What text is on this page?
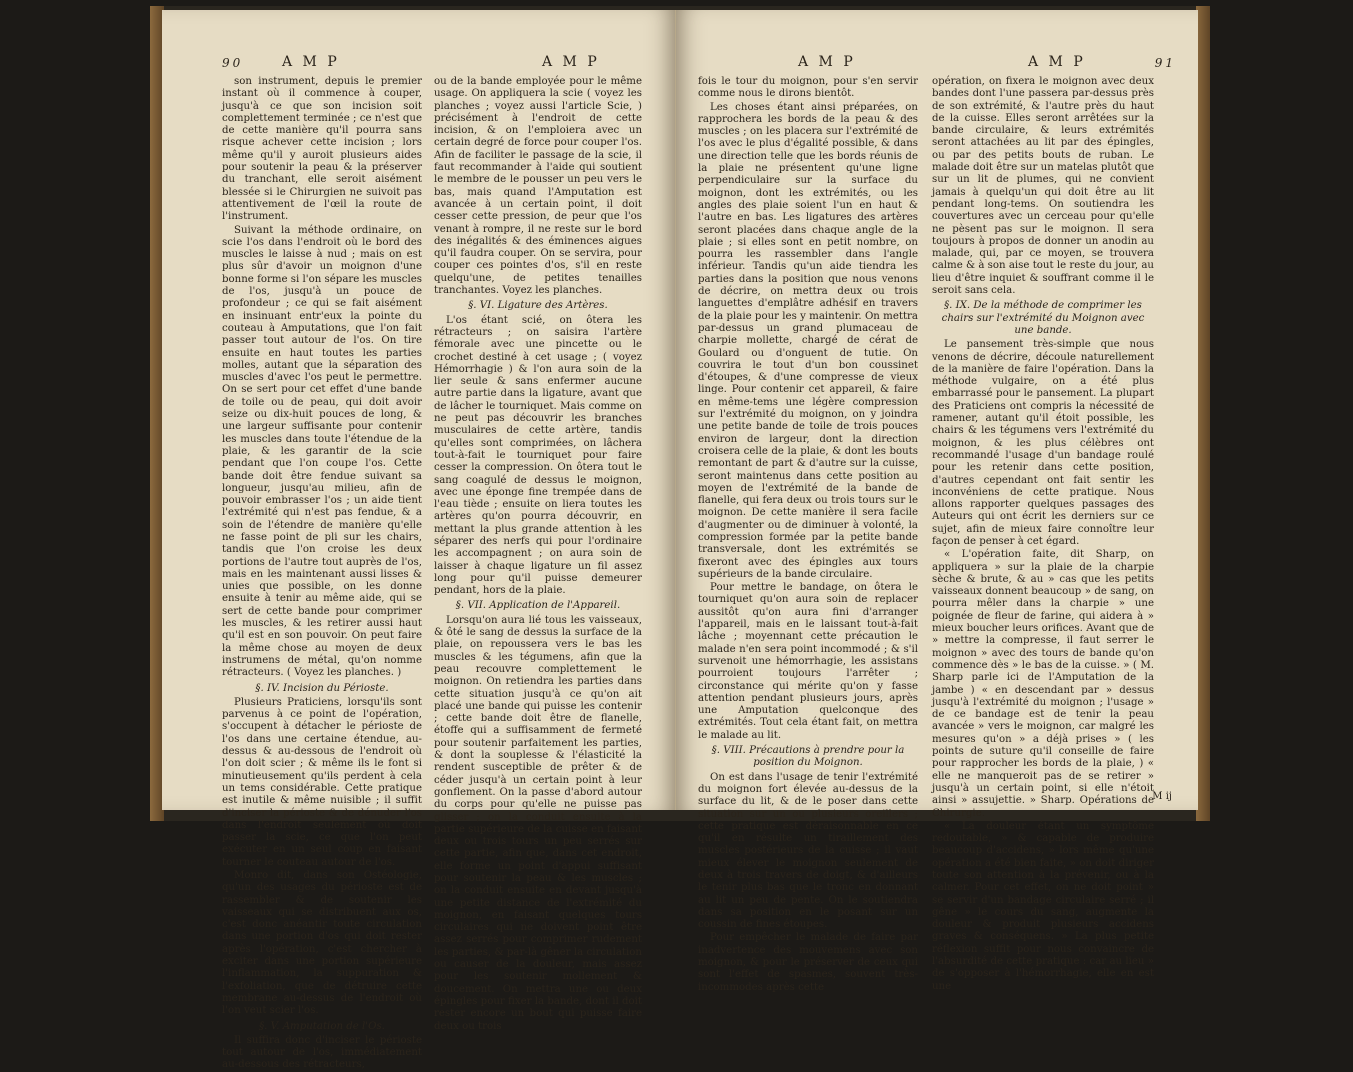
90	A M P	A M P

son instrument, depuis le premier instant où il commence à couper, jusqu'à ce que son incision soit complettement terminée ; ce n'est que de cette manière qu'il pourra sans risque achever cette incision ; lors même qu'il y auroit plusieurs aides pour soutenir la peau & la préserver du tranchant, elle seroit aisément blessée si le Chirurgien ne suivoit pas attentivement de l'œil la route de l'instrument.

Suivant la méthode ordinaire, on scie l'os dans l'endroit où le bord des muscles le laisse à nud ; mais on est plus sûr d'avoir un moignon d'une bonne forme si l'on sépare les muscles de l'os, jusqu'à un pouce de profondeur ; ce qui se fait aisément en insinuant entr'eux la pointe du couteau à Amputations, que l'on fait passer tout autour de l'os. On tire ensuite en haut toutes les parties molles, autant que la séparation des muscles d'avec l'os peut le permettre. On se sert pour cet effet d'une bande de toile ou de peau, qui doit avoir seize ou dix-huit pouces de long, & une largeur suffisante pour contenir les muscles dans toute l'étendue de la plaie, & les garantir de la scie pendant que l'on coupe l'os. Cette bande doit être fendue suivant sa longueur, jusqu'au milieu, afin de pouvoir embrasser l'os ; un aide tient l'extrémité qui n'est pas fendue, & a soin de l'étendre de manière qu'elle ne fasse point de pli sur les chairs, tandis que l'on croise les deux portions de l'autre tout auprès de l'os, mais en les maintenant aussi lisses & unies que possible, on les donne ensuite à tenir au même aide, qui se sert de cette bande pour comprimer les muscles, & les retirer aussi haut qu'il est en son pouvoir. On peut faire la même chose au moyen de deux instrumens de métal, qu'on nomme rétracteurs. ( Voyez les planches. )

§. IV. Incision du Périoste.

Plusieurs Praticiens, lorsqu'ils sont parvenus à ce point de l'opération, s'occupent à détacher le périoste de l'os dans une certaine étendue, au-dessus & au-dessous de l'endroit où l'on doit scier ; & même ils le font si minutieusement qu'ils perdent à cela un tems considérable. Cette pratique est inutile & même nuisible ; il suffit d'inciser la périoste & de dénuder l'os dans l'endroit seulement où doit passer la scie, ce que l'on peut exécuter en un seul coup en faisant tourner le couteau autour de l'os.

Monro dit, dans son Ostéologie, qu'un des usages du périoste est de rassembler & de soutenir les vaisseaux qui se distribuent aux os, c'est donc anéantir toute circulation dans une portion d'os qui doit rester après l'opération, c'est chercher à exciter dans une portion supérieure l'inflammation, la suppuration & l'exfoliation, que de détruire cette membrane au-dessus de l'endroit où l'on veut scier l'os.

§. V. Amputation de l'Os.

Il suffira donc d'inciser le périoste tout autour de l'os, immédiatement au-dessous des rétracteurs,

ou de la bande employée pour le même usage. On appliquera la scie ( voyez les planches ; voyez aussi l'article Scie, ) précisément à l'endroit de cette incision, & on l'emploiera avec un certain degré de force pour couper l'os. Afin de faciliter le passage de la scie, il faut recommander à l'aide qui soutient le membre de le pousser un peu vers le bas, mais quand l'Amputation est avancée à un certain point, il doit cesser cette pression, de peur que l'os venant à rompre, il ne reste sur le bord des inégalités & des éminences aigues qu'il faudra couper. On se servira, pour couper ces pointes d'os, s'il en reste quelqu'une, de petites tenailles tranchantes. Voyez les planches.

§. VI. Ligature des Artères.

L'os étant scié, on ôtera les rétracteurs ; on saisira l'artère fémorale avec une pincette ou le crochet destiné à cet usage ; ( voyez Hémorrhagie ) & l'on aura soin de la lier seule & sans enfermer aucune autre partie dans la ligature, avant que de lâcher le tourniquet. Mais comme on ne peut pas découvrir les branches musculaires de cette artère, tandis qu'elles sont comprimées, on lâchera tout-à-fait le tourniquet pour faire cesser la compression. On ôtera tout le sang coagulé de dessus le moignon, avec une éponge fine trempée dans de l'eau tiède ; ensuite on liera toutes les artères qu'on pourra découvrir, en mettant la plus grande attention à les séparer des nerfs qui pour l'ordinaire les accompagnent ; on aura soin de laisser à chaque ligature un fil assez long pour qu'il puisse demeurer pendant, hors de la plaie.

§. VII. Application de l'Appareil.

Lorsqu'on aura lié tous les vaisseaux, & ôté le sang de dessus la surface de la plaie, on repoussera vers le bas les muscles & les tégumens, afin que la peau recouvre complettement le moignon. On retiendra les parties dans cette situation jusqu'à ce qu'on ait placé une bande qui puisse les contenir ; cette bande doit être de flanelle, étoffe qui a suffisamment de fermeté pour soutenir parfaitement les parties, & dont la souplesse & l'élasticité la rendent susceptible de prêter & de céder jusqu'à un certain point à leur gonflement. On la passe d'abord autour du corps pour qu'elle ne puisse pas glisser ; on la conduit ensuite à la partie supérieure de la cuisse en faisant deux ou trois tours un peu serrés sur cette partie, afin que, dans cet endroit, elle forme un point d'appui suffisant pour soutenir la peau & les muscles ; on la conduit ensuite en devant jusqu'à une petite distance de l'extrémité du moignon, en faisant quelques tours circulaires qui ne doivent point être assez serrés pour comprimer rudement les parties, & par-là gêner la circulation ou causer de la douleur, mais assez pour les soutenir mollement & doucement. On mettra une ou deux épingles pour fixer la bande, dont il doit rester encore un bout qui puisse faire deux ou trois

A M P	A M P	91

fois le tour du moignon, pour s'en servir comme nous le dirons bientôt.

Les choses étant ainsi préparées, on rapprochera les bords de la peau & des muscles ; on les placera sur l'extrémité de l'os avec le plus d'égalité possible, & dans une direction telle que les bords réunis de la plaie ne présentent qu'une ligne perpendiculaire sur la surface du moignon, dont les extrémités, ou les angles des plaie soient l'un en haut & l'autre en bas. Les ligatures des artères seront placées dans chaque angle de la plaie ; si elles sont en petit nombre, on pourra les rassembler dans l'angle inférieur. Tandis qu'un aide tiendra les parties dans la position que nous venons de décrire, on mettra deux ou trois languettes d'emplâtre adhésif en travers de la plaie pour les y maintenir. On mettra par-dessus un grand plumaceau de charpie mollette, chargé de cérat de Goulard ou d'onguent de tutie. On couvrira le tout d'un bon coussinet d'étoupes, & d'une compresse de vieux linge. Pour contenir cet appareil, & faire en même-tems une légère compression sur l'extrémité du moignon, on y joindra une petite bande de toile de trois pouces environ de largeur, dont la direction croisera celle de la plaie, & dont les bouts remontant de part & d'autre sur la cuisse, seront maintenus dans cette position au moyen de l'extrémité de la bande de flanelle, qui fera deux ou trois tours sur le moignon. De cette manière il sera facile d'augmenter ou de diminuer à volonté, la compression formée par la petite bande transversale, dont les extrémités se fixeront avec des épingles aux tours supérieurs de la bande circulaire.

Pour mettre le bandage, on ôtera le tourniquet qu'on aura soin de replacer aussitôt qu'on aura fini d'arranger l'appareil, mais en le laissant tout-à-fait lâche ; moyennant cette précaution le malade n'en sera point incommodé ; & s'il survenoit une hémorrhagie, les assistans pourroient toujours l'arrêter ; circonstance qui mérite qu'on y fasse attention pendant plusieurs jours, après une Amputation quelconque des extrémités. Tout cela étant fait, on mettra le malade au lit.

§. VIII. Précautions à prendre pour la position du Moignon.

On est dans l'usage de tenir l'extrémité du moignon fort élevée au-dessus de la surface du lit, & de le poser dans cette situation sur un ou plusieurs oreillers ; cette pratique est déraisonnable en ce qu'il en résulte un tiraillement des muscles postérieurs de la cuisse ; il vaut mieux élever le moignon seulement de deux à trois travers de doigt, & d'ailleurs le tenir plus bas que le tronc en donnant au lit un peu de pente. On le soutiendra dans sa position en le posant sur un coussin de fines étoupes.

Pour empêcher le malade de faire par inadvertence des mouvemens avec son moignon, & pour le préserver de ceux qui sont l'effet de spasmes, souvent très-incommodes après cette

opération, on fixera le moignon avec deux bandes dont l'une passera par-dessus près de son extrémité, & l'autre près du haut de la cuisse. Elles seront arrêtées sur la bande circulaire, & leurs extrémités seront attachées au lit par des épingles, ou par des petits bouts de ruban. Le malade doit être sur un matelas plutôt que sur un lit de plumes, qui ne convient jamais à quelqu'un qui doit être au lit pendant long-tems. On soutiendra les couvertures avec un cerceau pour qu'elle ne pèsent pas sur le moignon. Il sera toujours à propos de donner un anodin au malade, qui, par ce moyen, se trouvera calme & à son aise tout le reste du jour, au lieu d'être inquiet & souffrant comme il le seroit sans cela.

§. IX. De la méthode de comprimer les chairs sur l'extrémité du Moignon avec une bande.

Le pansement très-simple que nous venons de décrire, découle naturellement de la manière de faire l'opération. Dans la méthode vulgaire, on a été plus embarrassé pour le pansement. La plupart des Praticiens ont compris la nécessité de ramener, autant qu'il étoit possible, les chairs & les tégumens vers l'extrémité du moignon, & les plus célèbres ont recommandé l'usage d'un bandage roulé pour les retenir dans cette position, d'autres cependant ont fait sentir les inconvéniens de cette pratique. Nous allons rapporter quelques passages des Auteurs qui ont écrit les derniers sur ce sujet, afin de mieux faire connoître leur façon de penser à cet égard.

« L'opération faite, dit Sharp, on appliquera » sur la plaie de la charpie sèche & brute, & au » cas que les petits vaisseaux donnent beaucoup » de sang, on pourra mêler dans la charpie » une poignée de fleur de farine, qui aidera à » mieux boucher leurs orifices. Avant que de » mettre la compresse, il faut serrer le moignon » avec des tours de bande qu'on commence dès » le bas de la cuisse. » ( M. Sharp parle ici de l'Amputation de la jambe ) « en descendant par » dessus jusqu'à l'extrémité du moignon ; l'usage » de ce bandage est de tenir la peau avancée » vers le moignon, car malgré les mesures qu'on » a déjà prises » ( les points de suture qu'il conseille de faire pour rapprocher les bords de la plaie, ) « elle ne manqueroit pas de se retirer » jusqu'à un certain point, si elle n'étoit ainsi » assujettie. » Sharp. Opérations de Chirurgie.

« La douleur étant un symptôme redoutable, » & capable de produire beaucoup d'accidens, » lors même qu'une opération a été bien faite, » on doit diriger toute son attention à la prévenir, ou à la calmer. Pour cet effet, on ne doit point » se servir d'un bandage circulaire serré ; il gêne » le cours du sang, augmente la douleur & produit plusieurs accidens graves & conséquens. » La plus petite réflexion suffit pour nous convaincre de l'absurdité de cette pratique : car au lieu » de s'opposer à l'hémorrhagie, elle en est une

M ij
